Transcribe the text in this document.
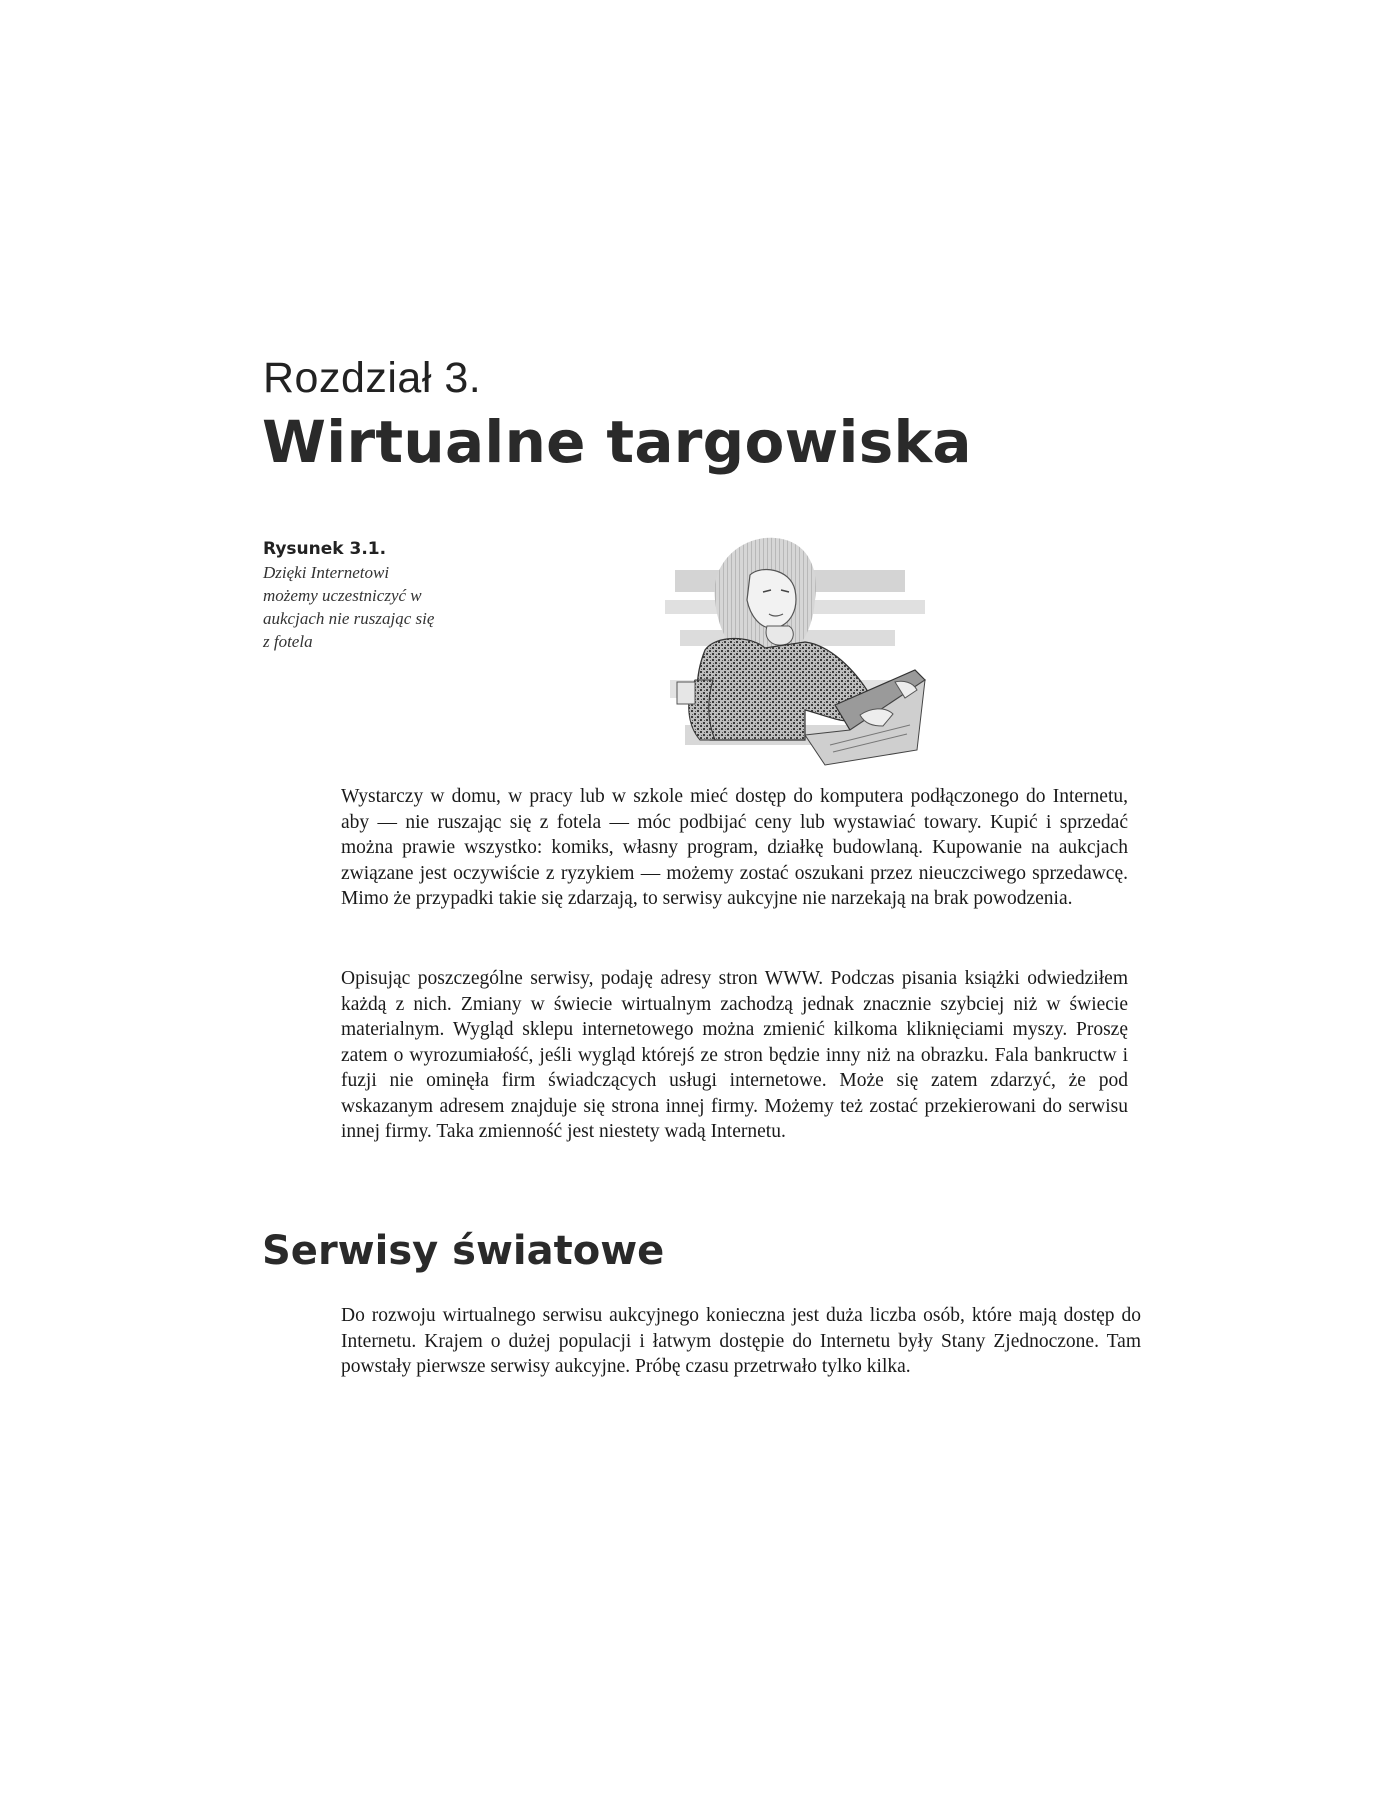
Rozdział 3.
Wirtualne targowiska

Rysunek 3.1.

Dzięki Internetowi możemy uczestniczyć w aukcjach nie ruszając się z fotela

Wystarczy w domu, w pracy lub w szkole mieć dostęp do komputera podłączonego do Internetu, aby — nie ruszając się z fotela — móc podbijać ceny lub wystawiać towary. Kupić i sprzedać można prawie wszystko: komiks, własny program, działkę budowlaną. Kupowanie na aukcjach związane jest oczywiście z ryzykiem — możemy zostać oszukani przez nieuczciwego sprzedawcę. Mimo że przypadki takie się zdarzają, to serwisy aukcyjne nie narzekają na brak powodzenia.

Opisując poszczególne serwisy, podaję adresy stron WWW. Podczas pisania książki odwiedziłem każdą z nich. Zmiany w świecie wirtualnym zachodzą jednak znacznie szybciej niż w świecie materialnym. Wygląd sklepu internetowego można zmienić kilkoma kliknięciami myszy. Proszę zatem o wyrozumiałość, jeśli wygląd którejś ze stron będzie inny niż na obrazku. Fala bankructw i fuzji nie ominęła firm świadczących usługi internetowe. Może się zatem zdarzyć, że pod wskazanym adresem znajduje się strona innej firmy. Możemy też zostać przekierowani do serwisu innej firmy. Taka zmienność jest niestety wadą Internetu.

Serwisy światowe

Do rozwoju wirtualnego serwisu aukcyjnego konieczna jest duża liczba osób, które mają dostęp do Internetu. Krajem o dużej populacji i łatwym dostępie do Internetu były Stany Zjednoczone. Tam powstały pierwsze serwisy aukcyjne. Próbę czasu przetrwało tylko kilka.
